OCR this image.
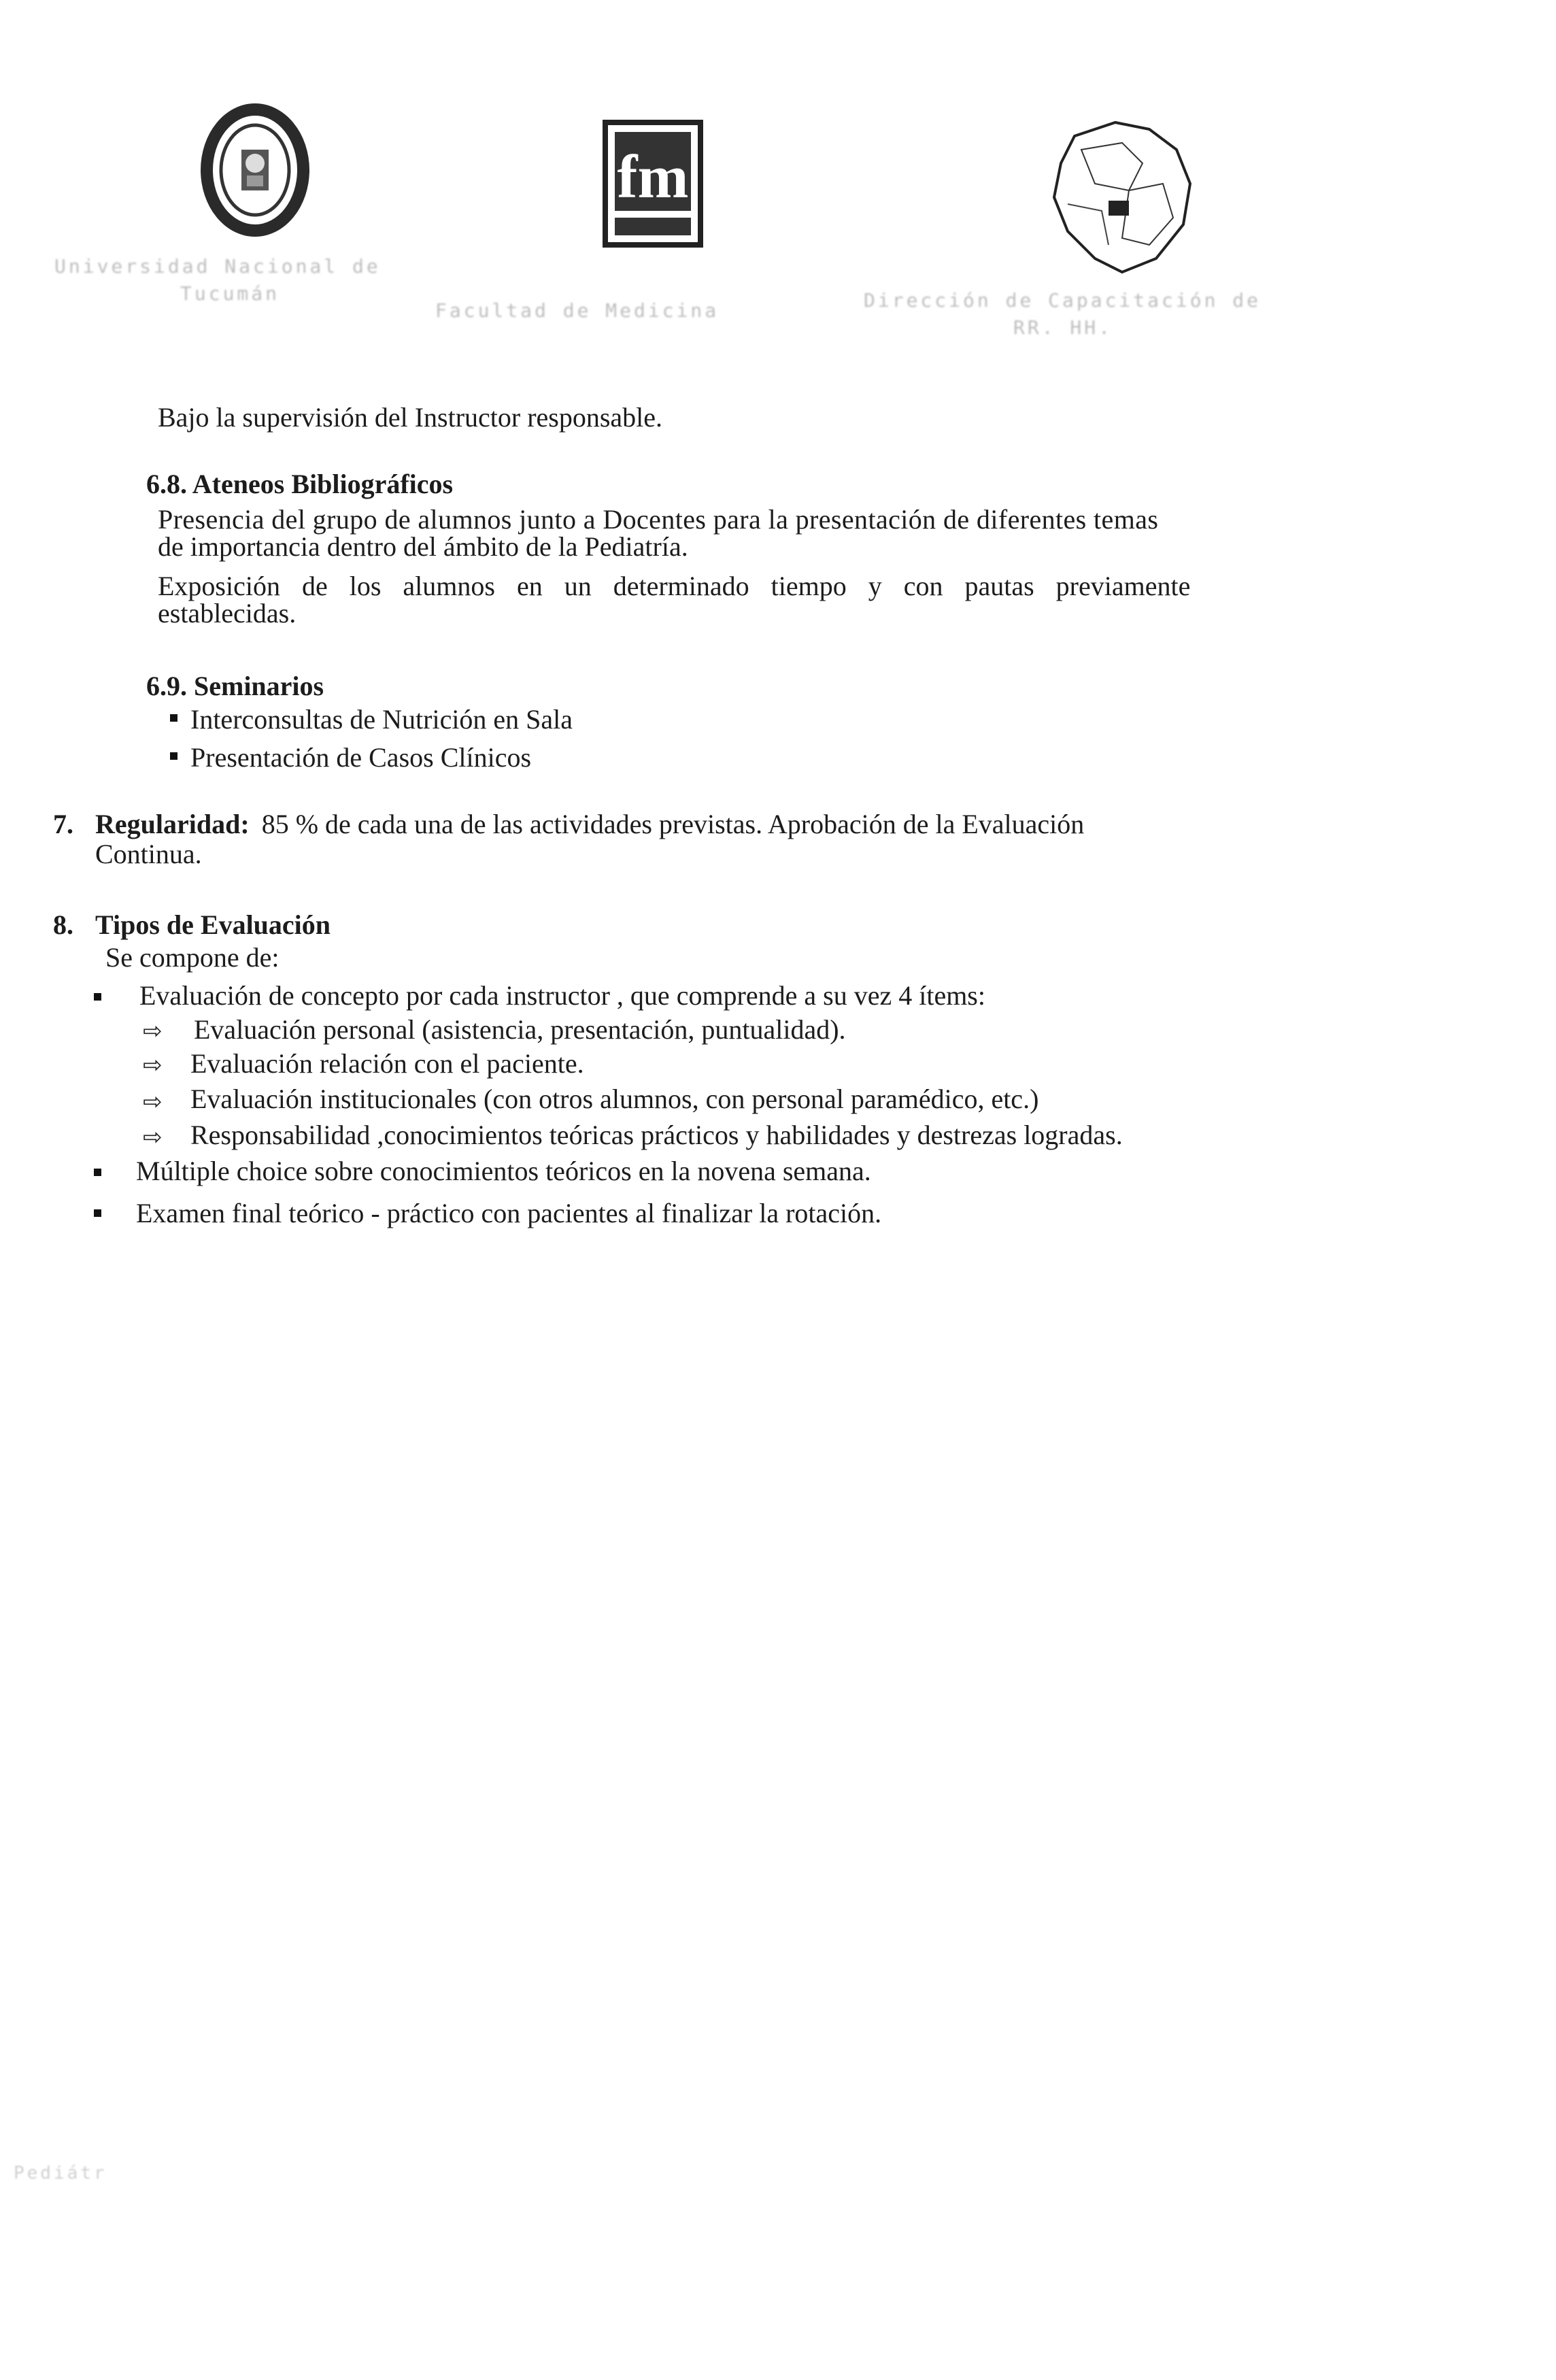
fm
Universidad Nacional de
Tucumán
Facultad de Medicina	Dirección de Capacitación de
RR. HH.
Bajo la supervisión del Instructor responsable.
6.8. Ateneos Bibliográficos
Presencia del grupo de alumnos junto a Docentes para la presentación de diferentes temas
de importancia dentro del ámbito de la Pediatría.
Exposición de los alumnos en un determinado tiempo y con pautas previamente
establecidas.
6.9. Seminarios
Interconsultas de Nutrición en Sala
Presentación de Casos Clínicos
7. Regularidad: 85 % de cada una de las actividades previstas. Aprobación de la Evaluación
Continua.
8. Tipos de Evaluación
Se compone de:
Evaluación de concepto por cada instructor , que comprende a su vez 4 ítems:
⇨ Evaluación personal (asistencia, presentación, puntualidad).
⇨ Evaluación relación con el paciente.
⇨ Evaluación institucionales (con otros alumnos, con personal paramédico, etc.)
⇨ Responsabilidad ,conocimientos teóricas prácticos y habilidades y destrezas logradas.
Múltiple choice sobre conocimientos teóricos en la novena semana.
Examen final teórico - práctico con pacientes al finalizar la rotación.
Pediátr
